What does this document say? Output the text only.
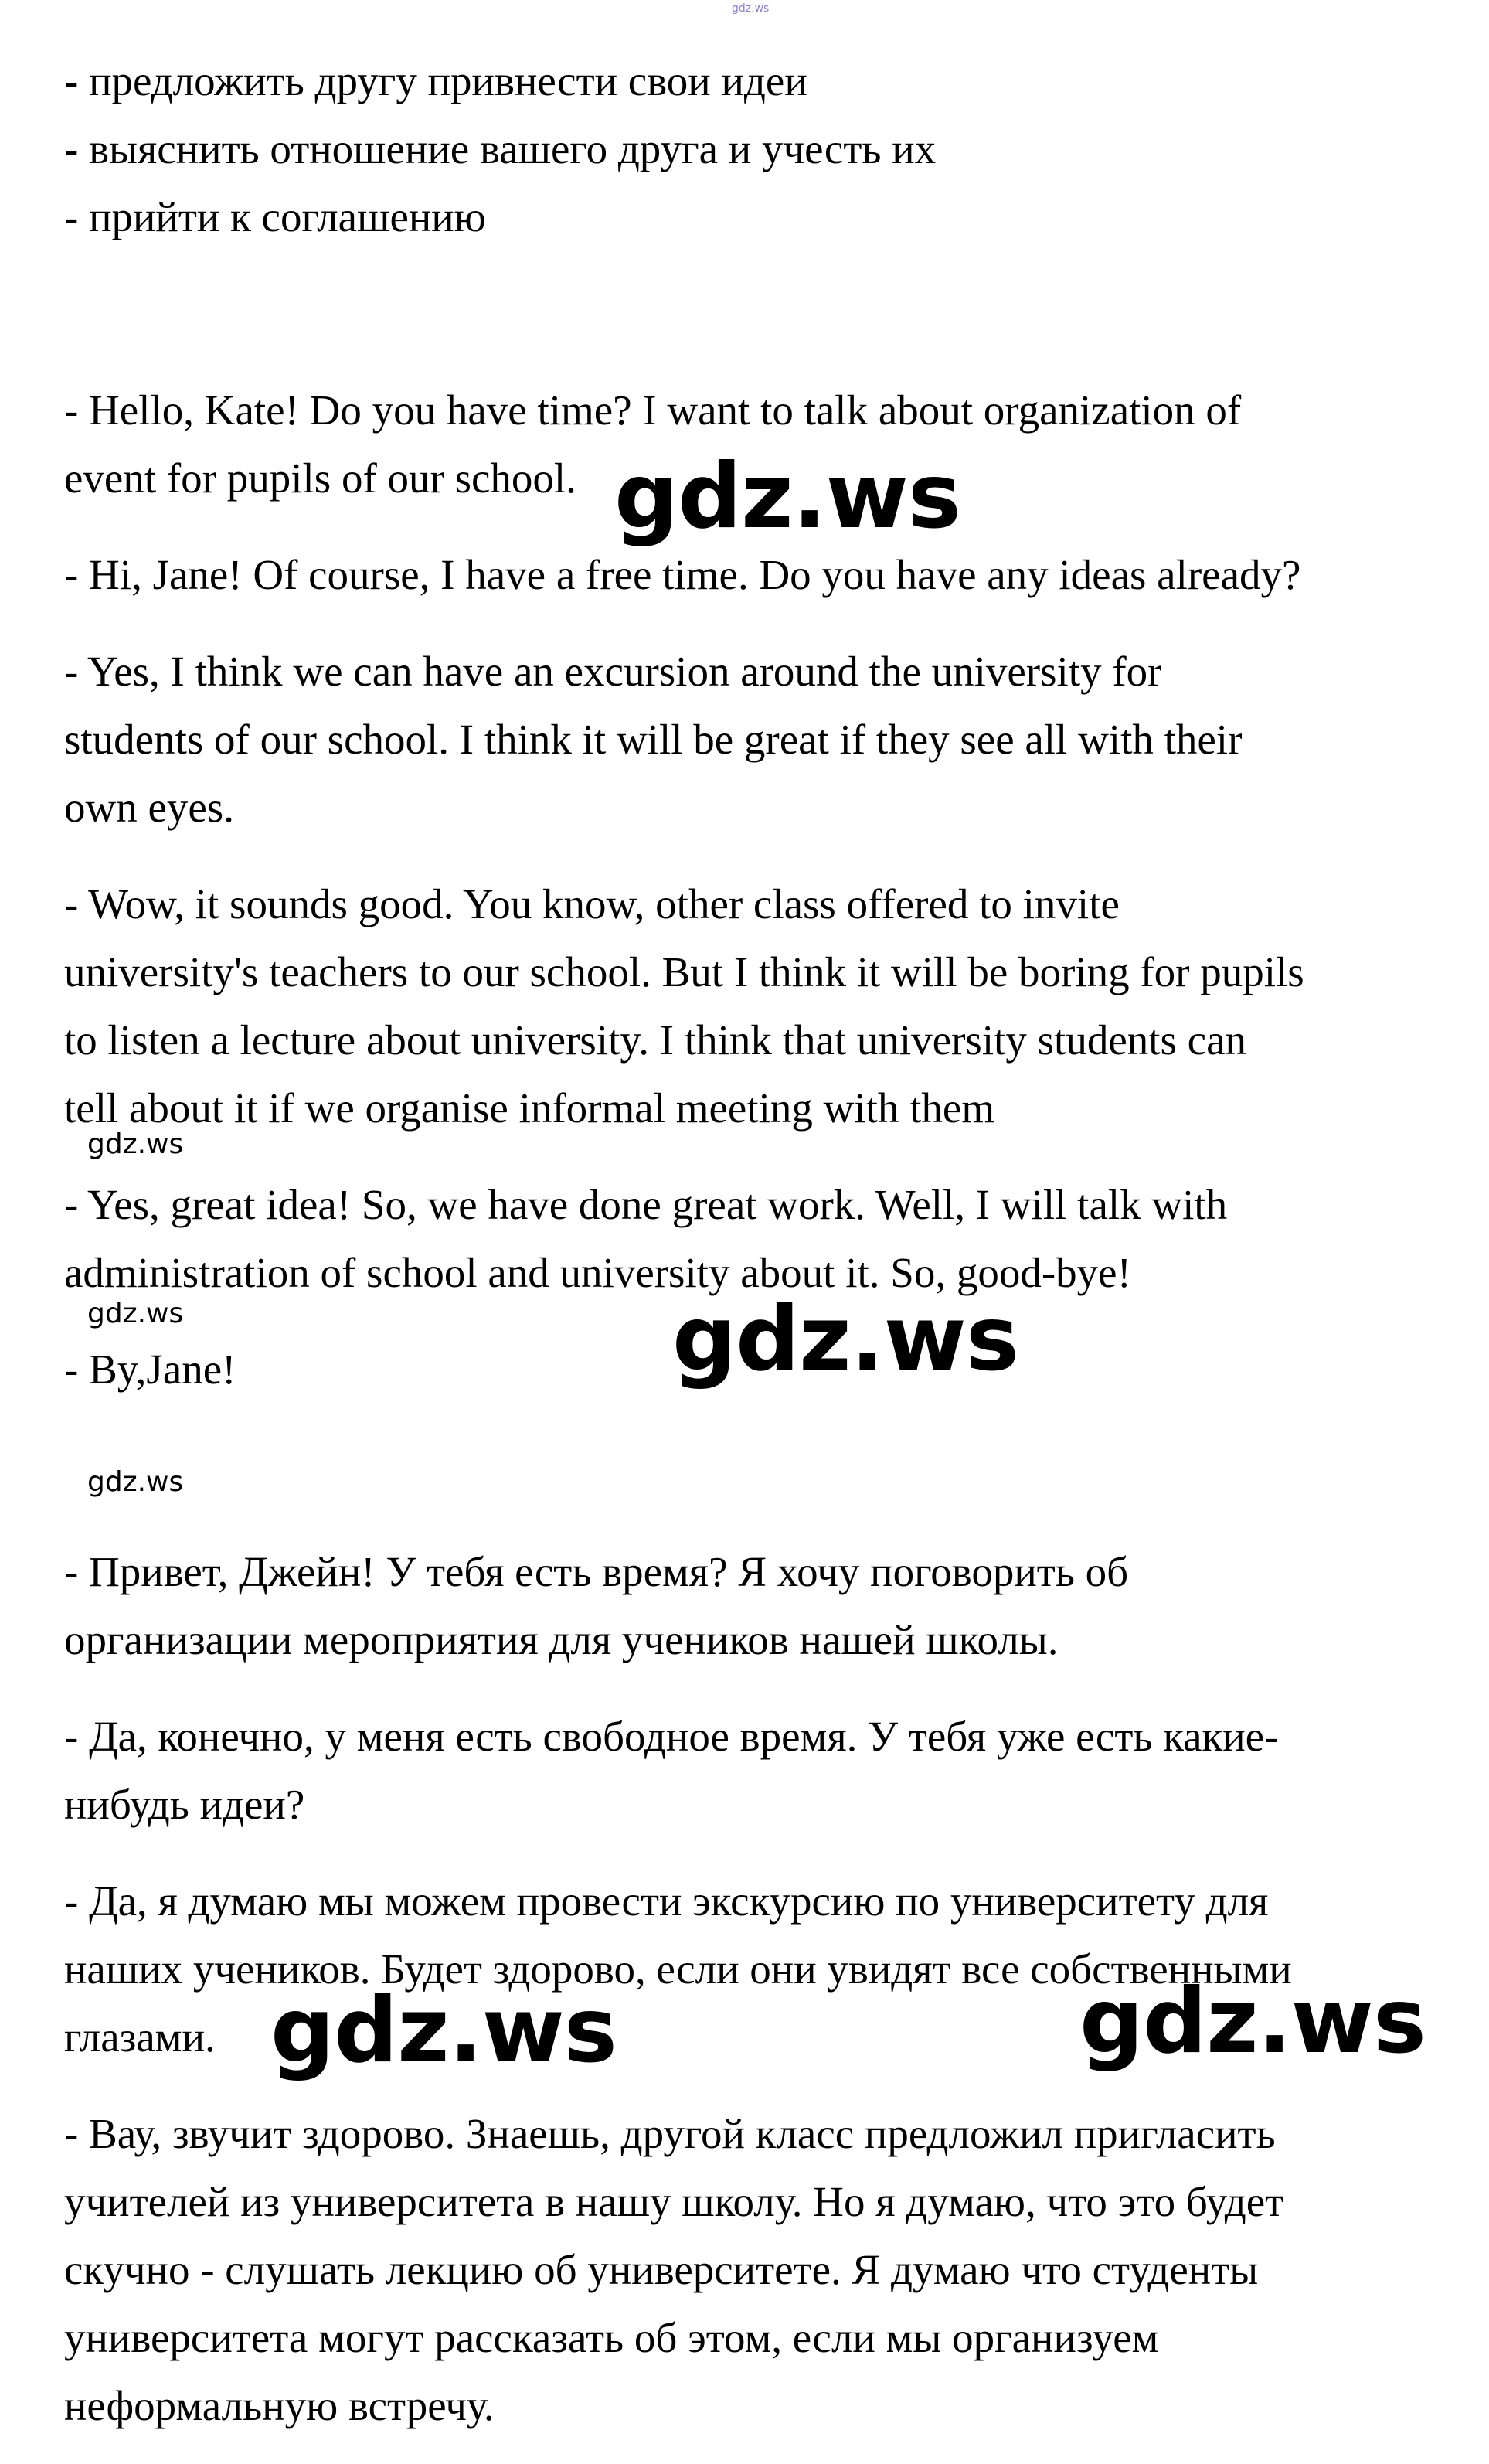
gdz.ws

- предложить другу привнести свои идеи

- выяснить отношение вашего друга и учесть их

- прийти к соглашению

- Hello, Kate! Do you have time? I want to talk about organization of

event for pupils of our school.

- Hi, Jane! Of course, I have a free time. Do you have any ideas already?

- Yes, I think we can have an excursion around the university for

students of our school. I think it will be great if they see all with their

own eyes.

- Wow, it sounds good. You know, other class offered to invite

university's teachers to our school. But I think it will be boring for pupils

to listen a lecture about university. I think that university students can

tell about it if we organise informal meeting with them

- Yes, great idea! So, we have done great work. Well, I will talk with

administration of school and university about it. So, good-bye!

- By,Jane!

- Привет, Джейн! У тебя есть время? Я хочу поговорить об

организации мероприятия для учеников нашей школы.

- Да, конечно, у меня есть свободное время. У тебя уже есть какие-

нибудь идеи?

- Да, я думаю мы можем провести экскурсию по университету для

наших учеников. Будет здорово, если они увидят все собственными

глазами.

- Вау, звучит здорово. Знаешь, другой класс предложил пригласить

учителей из университета в нашу школу. Но я думаю, что это будет

скучно - слушать лекцию об университете. Я думаю что студенты

университета могут рассказать об этом, если мы организуем

неформальную встречу.

gdz.ws
gdz.ws
gdz.ws	gdz.ws
gdz.ws
gdz.ws	gdz.ws
